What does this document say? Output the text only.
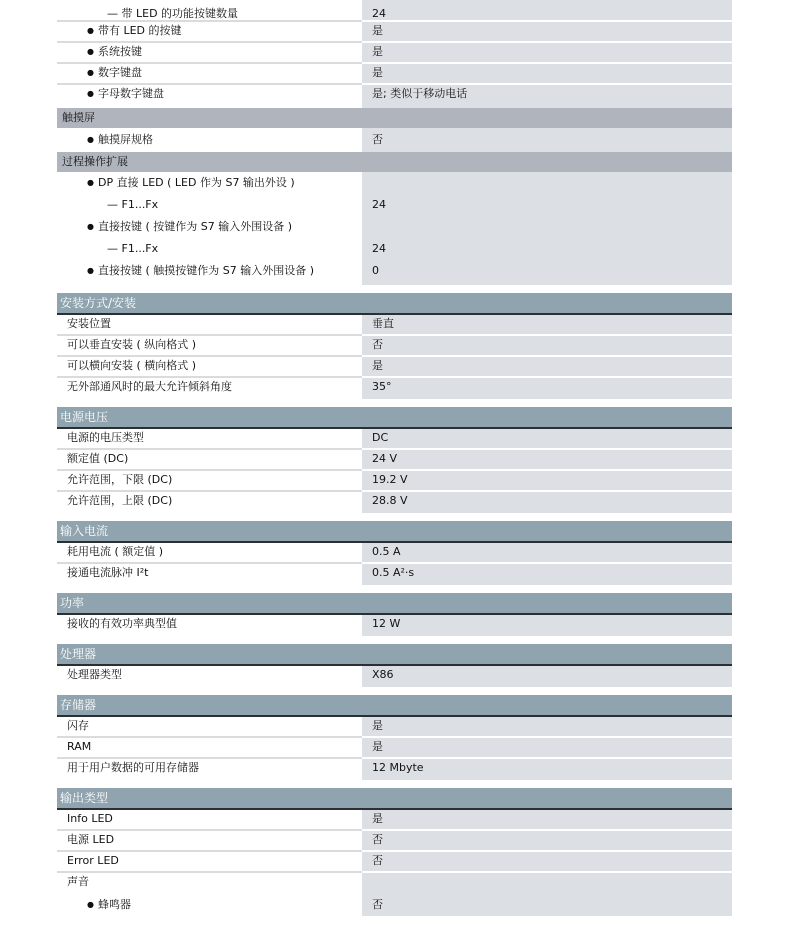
— 带 LED 的功能按键数量	24
● 带有 LED 的按键	是
● 系统按键	是
● 数字键盘	是
● 字母数字键盘	是; 类似于移动电话
触摸屏
● 触摸屏规格	否
过程操作扩展
● DP 直接 LED ( LED 作为 S7 输出外设 )
— F1...Fx	24
● 直接按键 ( 按键作为 S7 输入外围设备 )
— F1...Fx	24
● 直接按键 ( 触摸按键作为 S7 输入外围设备 )	0
安装方式/安装
安装位置	垂直
可以垂直安装 ( 纵向格式 )	否
可以横向安装 ( 横向格式 )	是
无外部通风时的最大允许倾斜角度	35°
电源电压
电源的电压类型	DC
额定值 (DC)	24 V
允许范围，下限 (DC)	19.2 V
允许范围，上限 (DC)	28.8 V
输入电流
耗用电流 ( 额定值 )	0.5 A
接通电流脉冲 I²t	0.5 A²·s
功率
接收的有效功率典型值	12 W
处理器
处理器类型	X86
存储器
闪存	是
RAM	是
用于用户数据的可用存储器	12 Mbyte
输出类型
Info LED	是
电源 LED	否
Error LED	否
声音
● 蜂鸣器	否
